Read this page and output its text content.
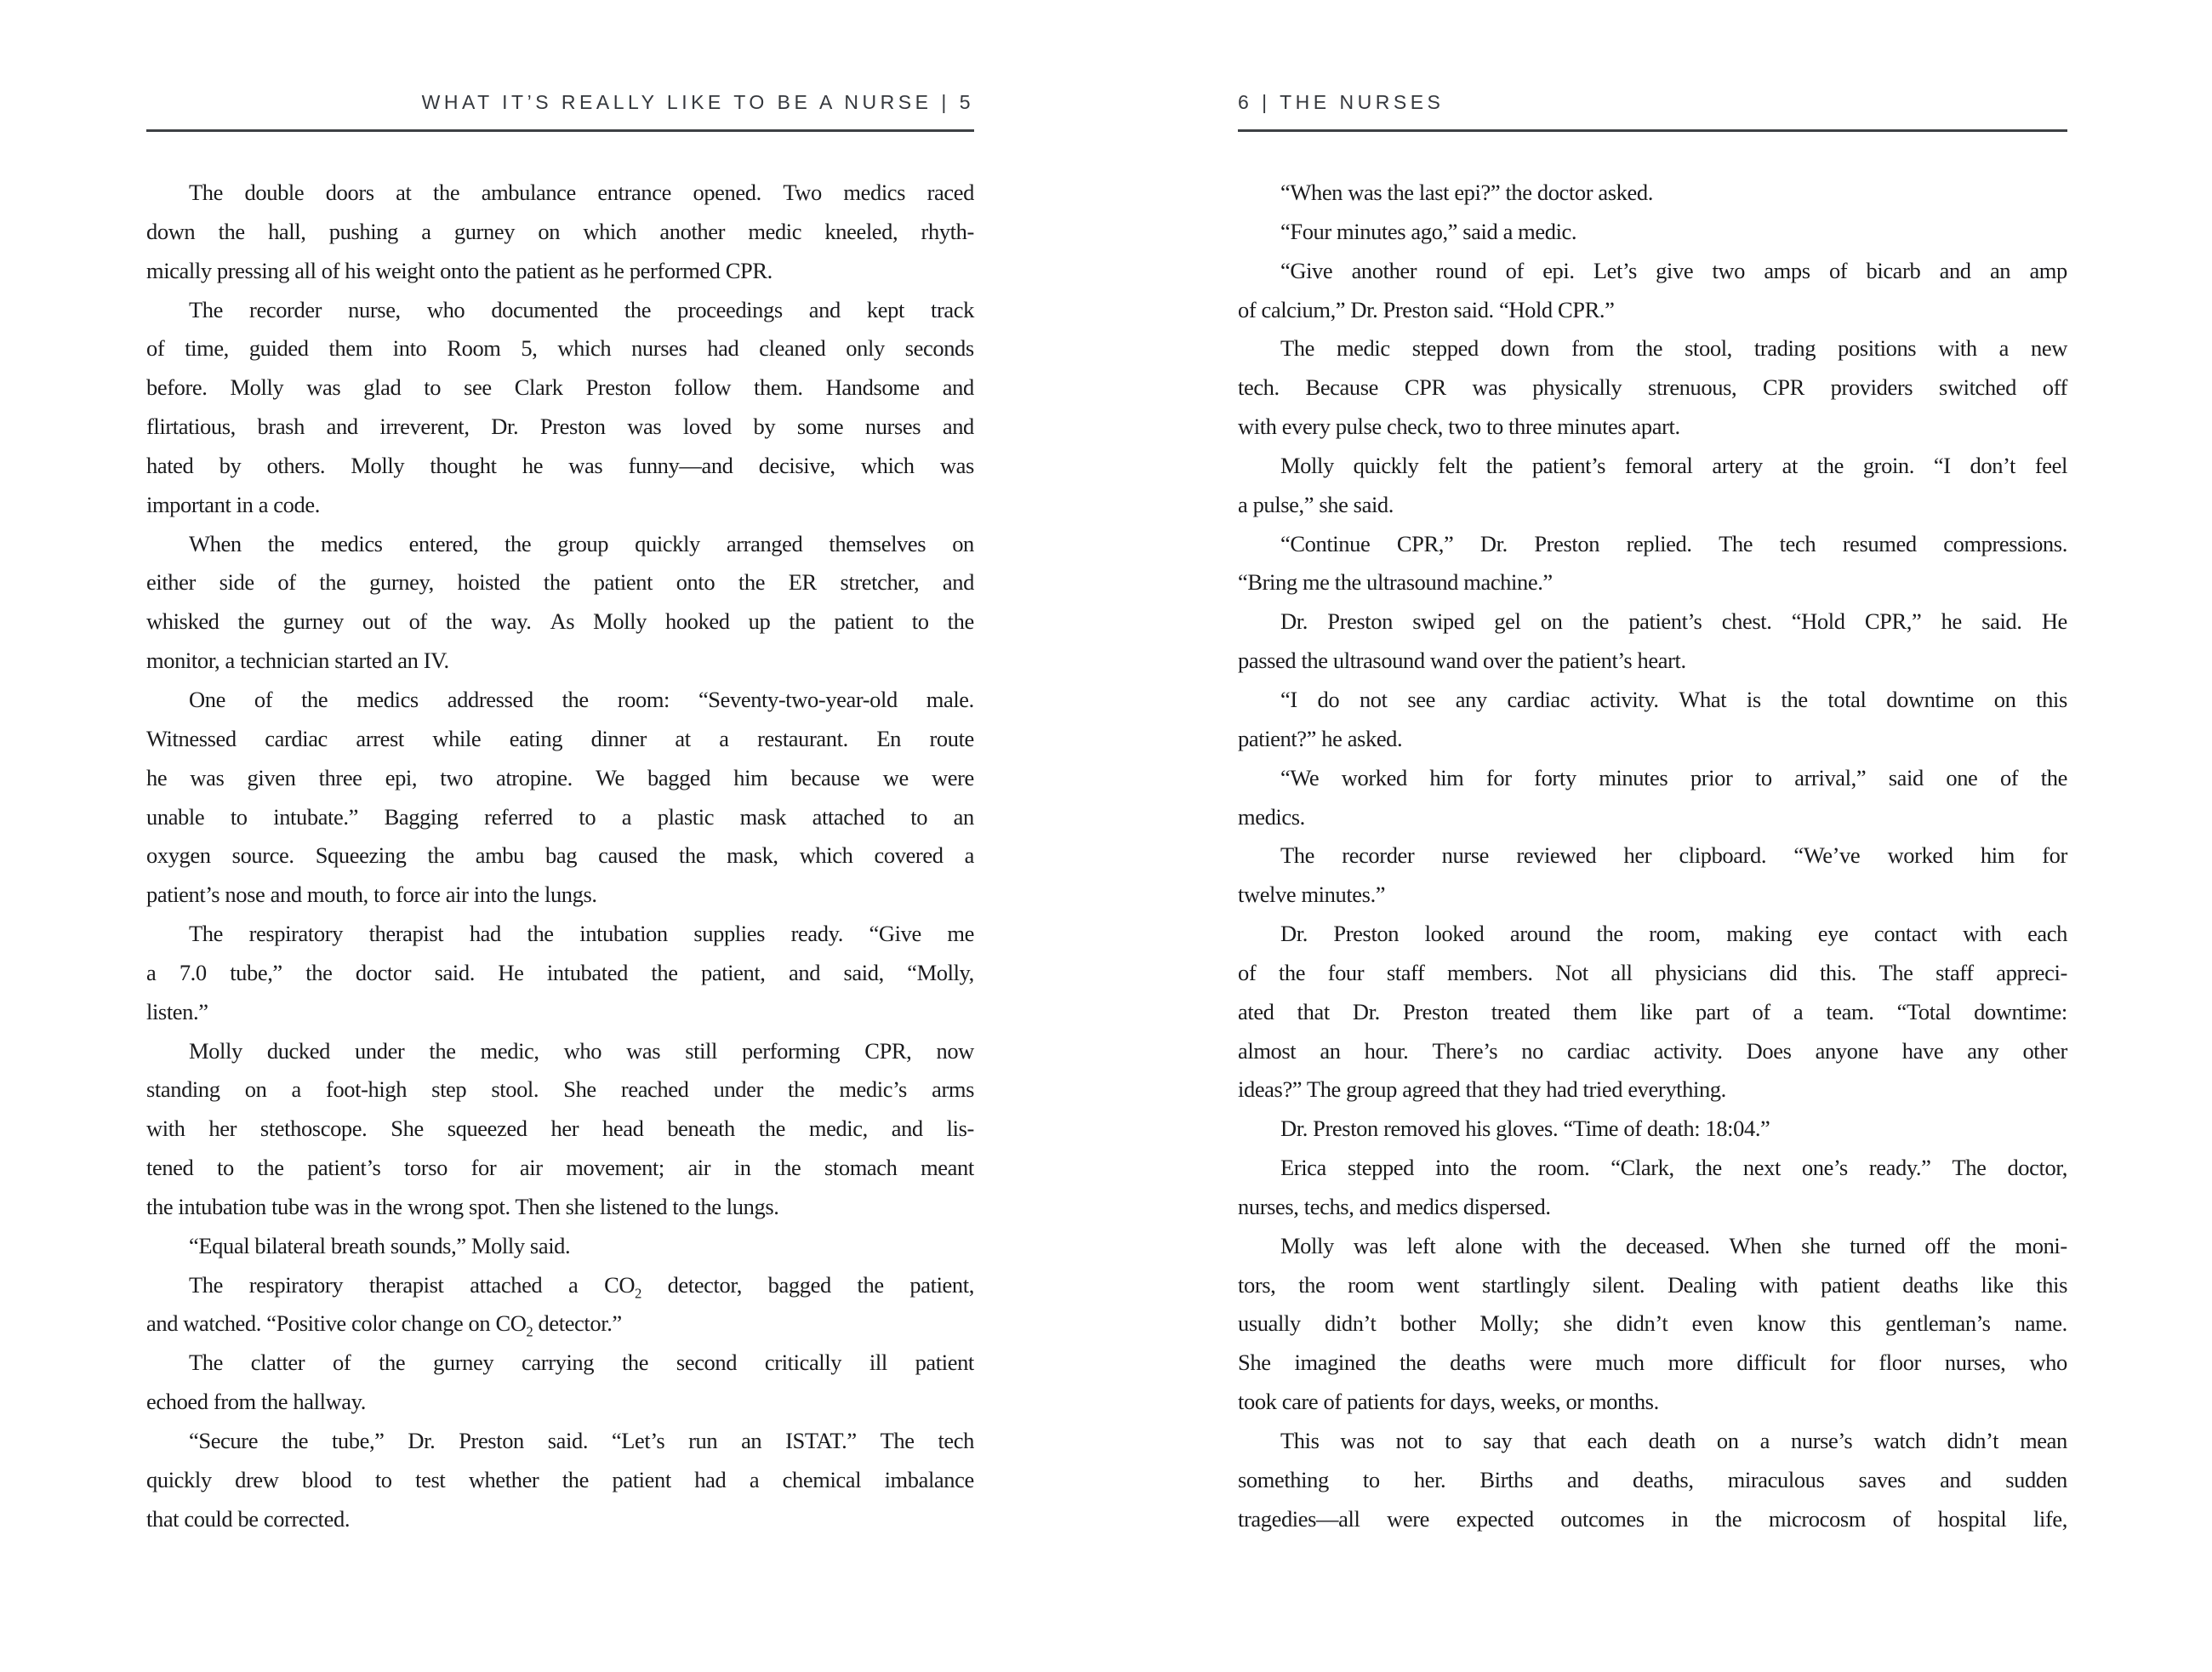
WHAT IT’S REALLY LIKE TO BE A NURSE | 5
The double doors at the ambulance entrance opened. Two medics raced
down the hall, pushing a gurney on which another medic kneeled, rhyth-
mically pressing all of his weight onto the patient as he performed CPR.
The recorder nurse, who documented the proceedings and kept track
of time, guided them into Room 5, which nurses had cleaned only seconds
before. Molly was glad to see Clark Preston follow them. Handsome and
flirtatious, brash and irreverent, Dr. Preston was loved by some nurses and
hated by others. Molly thought he was funny—and decisive, which was
important in a code.
When the medics entered, the group quickly arranged themselves on
either side of the gurney, hoisted the patient onto the ER stretcher, and
whisked the gurney out of the way. As Molly hooked up the patient to the
monitor, a technician started an IV.
One of the medics addressed the room: “Seventy-two-year-old male.
Witnessed cardiac arrest while eating dinner at a restaurant. En route
he was given three epi, two atropine. We bagged him because we were
unable to intubate.” Bagging referred to a plastic mask attached to an
oxygen source. Squeezing the ambu bag caused the mask, which covered a
patient’s nose and mouth, to force air into the lungs.
The respiratory therapist had the intubation supplies ready. “Give me
a 7.0 tube,” the doctor said. He intubated the patient, and said, “Molly,
listen.”
Molly ducked under the medic, who was still performing CPR, now
standing on a foot-high step stool. She reached under the medic’s arms
with her stethoscope. She squeezed her head beneath the medic, and lis-
tened to the patient’s torso for air movement; air in the stomach meant
the intubation tube was in the wrong spot. Then she listened to the lungs.
“Equal bilateral breath sounds,” Molly said.
The respiratory therapist attached a $CO_2$ detector, bagged the patient,
and watched. “Positive color change on $CO_2$ detector.”
The clatter of the gurney carrying the second critically ill patient
echoed from the hallway.
“Secure the tube,” Dr. Preston said. “Let’s run an ISTAT.” The tech
quickly drew blood to test whether the patient had a chemical imbalance
that could be corrected.
6 | THE NURSES
“When was the last epi?” the doctor asked.
“Four minutes ago,” said a medic.
“Give another round of epi. Let’s give two amps of bicarb and an amp
of calcium,” Dr. Preston said. “Hold CPR.”
The medic stepped down from the stool, trading positions with a new
tech. Because CPR was physically strenuous, CPR providers switched off
with every pulse check, two to three minutes apart.
Molly quickly felt the patient’s femoral artery at the groin. “I don’t feel
a pulse,” she said.
“Continue CPR,” Dr. Preston replied. The tech resumed compressions.
“Bring me the ultrasound machine.”
Dr. Preston swiped gel on the patient’s chest. “Hold CPR,” he said. He
passed the ultrasound wand over the patient’s heart.
“I do not see any cardiac activity. What is the total downtime on this
patient?” he asked.
“We worked him for forty minutes prior to arrival,” said one of the
medics.
The recorder nurse reviewed her clipboard. “We’ve worked him for
twelve minutes.”
Dr. Preston looked around the room, making eye contact with each
of the four staff members. Not all physicians did this. The staff appreci-
ated that Dr. Preston treated them like part of a team. “Total downtime:
almost an hour. There’s no cardiac activity. Does anyone have any other
ideas?” The group agreed that they had tried everything.
Dr. Preston removed his gloves. “Time of death: 18:04.”
Erica stepped into the room. “Clark, the next one’s ready.” The doctor,
nurses, techs, and medics dispersed.
Molly was left alone with the deceased. When she turned off the moni-
tors, the room went startlingly silent. Dealing with patient deaths like this
usually didn’t bother Molly; she didn’t even know this gentleman’s name.
She imagined the deaths were much more difficult for floor nurses, who
took care of patients for days, weeks, or months.
This was not to say that each death on a nurse’s watch didn’t mean
something to her. Births and deaths, miraculous saves and sudden
tragedies—all were expected outcomes in the microcosm of hospital life,
